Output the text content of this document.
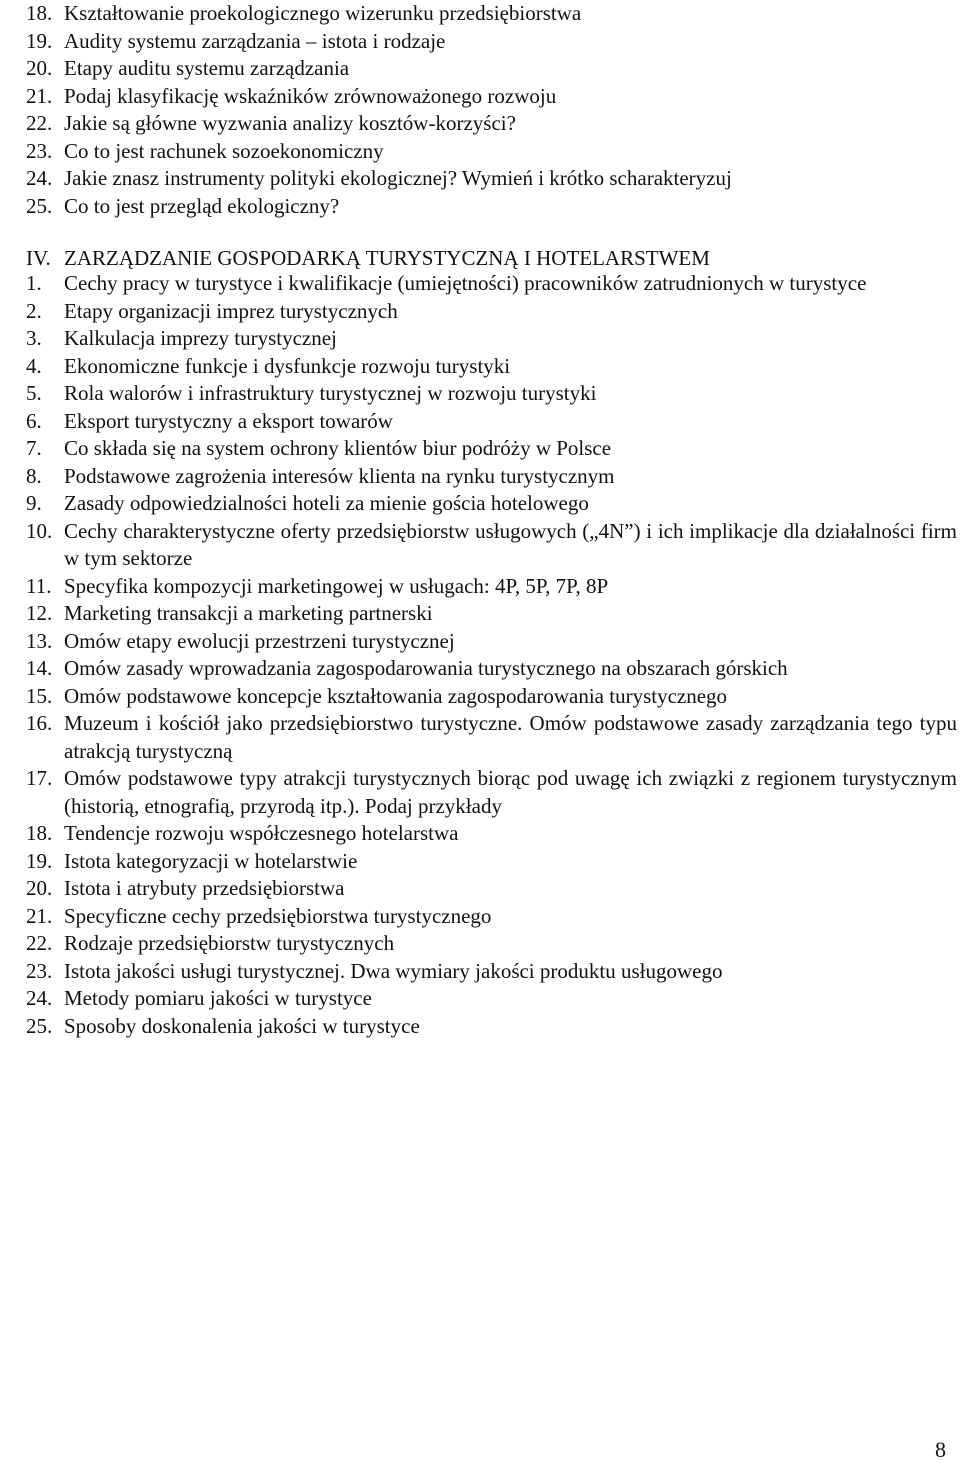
18. Kształtowanie proekologicznego wizerunku przedsiębiorstwa
19. Audity systemu zarządzania – istota i rodzaje
20. Etapy auditu systemu zarządzania
21. Podaj klasyfikację wskaźników zrównoważonego rozwoju
22. Jakie są główne wyzwania analizy kosztów-korzyści?
23. Co to jest rachunek sozoekonomiczny
24. Jakie znasz instrumenty polityki ekologicznej? Wymień i krótko scharakteryzuj
25. Co to jest przegląd ekologiczny?
IV. ZARZĄDZANIE GOSPODARKĄ TURYSTYCZNĄ I HOTELARSTWEM
1.	Cechy pracy w turystyce i kwalifikacje (umiejętności) pracowników zatrudnionych w turystyce
2.	Etapy organizacji imprez turystycznych
3.	Kalkulacja imprezy turystycznej
4.	Ekonomiczne funkcje i dysfunkcje rozwoju turystyki
5.	Rola walorów i infrastruktury turystycznej w rozwoju turystyki
6.	Eksport turystyczny a eksport towarów
7.	Co składa się na system ochrony klientów biur podróży w Polsce
8.	Podstawowe zagrożenia interesów klienta na rynku turystycznym
9.	Zasady odpowiedzialności hoteli za mienie gościa hotelowego
10. Cechy charakterystyczne oferty przedsiębiorstw usługowych („4N”) i ich implikacje dla działalności firm w tym sektorze
11. Specyfika kompozycji marketingowej w usługach: 4P, 5P, 7P, 8P
12. Marketing transakcji a marketing partnerski
13. Omów etapy ewolucji przestrzeni turystycznej
14. Omów zasady wprowadzania zagospodarowania turystycznego na obszarach górskich
15. Omów podstawowe koncepcje kształtowania zagospodarowania turystycznego
16. Muzeum i kościół jako przedsiębiorstwo turystyczne. Omów podstawowe zasady zarządzania tego typu atrakcją turystyczną
17. Omów podstawowe typy atrakcji turystycznych biorąc pod uwagę ich związki z regionem turystycznym (historią, etnografią, przyrodą itp.). Podaj przykłady
18. Tendencje rozwoju współczesnego hotelarstwa
19. Istota kategoryzacji w hotelarstwie
20. Istota i atrybuty przedsiębiorstwa
21. Specyficzne cechy przedsiębiorstwa turystycznego
22. Rodzaje przedsiębiorstw turystycznych
23. Istota jakości usługi turystycznej. Dwa wymiary jakości produktu usługowego
24. Metody pomiaru jakości w turystyce
25. Sposoby doskonalenia jakości w turystyce

8
